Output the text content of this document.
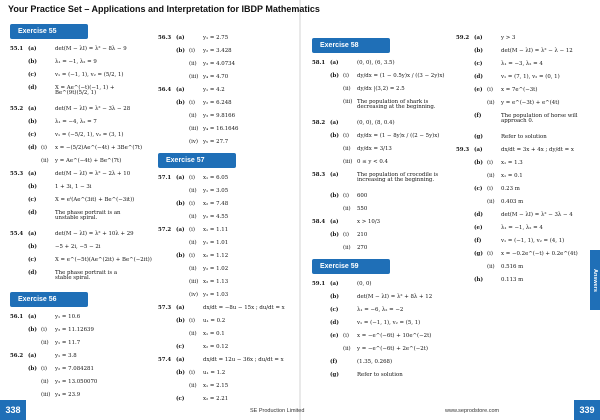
Your Practice Set – Applications and Interpretation for IBDP Mathematics
Exercise 55
55.1 (a)	det(M − λI) = λ² − 8λ − 9
(b)	λ₁ = −1, λ₂ = 9
(c)	v₁ = (−1, 1), v₂ = (5/2, 1)
(d)	X = Ae^(−t)(−1, 1) + Be^(9t)(5/2, 1)
55.2 (a)	det(M − λI) = λ² − 3λ − 28
(b)	λ₁ = −4, λ₂ = 7
(c)	v₁ = (−5/2, 1), v₂ = (3, 1)
(d) (i)	x = −(5/2)Ae^(−4t) + 3Be^(7t)
(ii)	y = Ae^(−4t) + Be^(7t)
55.3 (a)	det(M − λI) = λ² − 2λ + 10
(b)	1 + 3i, 1 − 3i
(c)	X = eᵗ(Ae^(3it) + Be^(−3it))
(d)	The phase portrait is an unstable spiral.
55.4 (a)	det(M − λI) = λ² + 10λ + 29
(b)	−5 + 2i, −5 − 2i
(c)	X = e^(−5t)(Ae^(2it) + Be^(−2it))
(d)	The phase portrait is a stable spiral.
Exercise 56
56.1 (a)	y₁ = 10.6
(b) (i)	y₃ = 11.12639
(ii)	y₁ = 11.7
56.2 (a)	y₁ = 3.8
(b) (i)	y₂ = 7.084281
(ii)	y₃ = 13.050070
(iii) y₄ = 23.9
56.3 (a)	y₁ = 2.75
(b) (i)	y₂ = 3.428
(ii)	y₃ = 4.0734
(iii) y₄ = 4.70
56.4 (a)	y₁ = 4.2
(b) (i)	y₂ = 6.248
(ii)	y₃ = 9.8166
(iii) y₄ = 16.1646
(iv) y₅ = 27.7
Exercise 57
57.1 (a) (i)	x₁ = 6.05
(ii)	y₁ = 3.05
(b) (i)	x₂ = 7.48
(ii)	y₂ = 4.55
57.2 (a) (i)	x₁ = 1.11
(ii)	y₁ = 1.01
(b) (i)	x₂ = 1.12
(ii)	y₂ = 1.02
(iii) x₃ = 1.13
(iv) y₃ = 1.03
57.3 (a)	dx/dt = −8u − 15x ; du/dt = x
(b) (i)	u₁ = 0.2
(ii)	x₁ = 0.1
(c)	x₂ = 0.12
57.4 (a)	dx/dt = 12u − 36x ; du/dt = x
(b) (i)	u₁ = 1.2
(ii)	x₁ = 2.15
(c)	x₂ = 2.21
Exercise 58
58.1 (a)	(0, 0), (6, 3.5)
(b) (i)	dy/dx = (1 − 0.5y)x / ((3 − 2y)x)
(ii)	dy/dx |(3,2) = 2.5
(iii) The population of shark is decreasing at the beginning.
58.2 (a)	(0, 0), (8, 0.4)
(b) (i)	dy/dx = (1 − 8y)x / ((2 − 5y)x)
(ii)	dy/dx = 3/13
(iii) 0 ≤ y < 0.4
58.3 (a)	The population of crocodile is increasing at the beginning.
(b) (i)	600
(ii)	550
58.4 (a)	x > 10/3
(b) (i)	210
(ii)	270
Exercise 59
59.1 (a)	(0, 0)
(b)	det(M − λI) = λ² + 8λ + 12
(c)	λ₁ = −6, λ₂ = −2
(d)	v₁ = (−1, 1), v₂ = (5, 1)
(e) (i)	x = −e^(−6t) + 10e^(−2t)
(ii)	y = −e^(−6t) + 2e^(−2t)
(f)	(1.35, 0.268)
(g)	Refer to solution
59.2 (a)	y > 3
(b)	det(M − λI) = λ² − λ − 12
(c)	λ₁ = −3, λ₂ = 4
(d)	v₁ = (7, 1), v₂ = (0, 1)
(e) (i)	x = 7e^(−3t)
(ii)	y = e^(−3t) + e^(4t)
(f)	The population of horse will approach 0.
(g)	Refer to solution
59.3 (a)	dx/dt = 3x + 4x ; dy/dt = x
(b) (i)	x₁ = 1.3
(ii)	x₁ = 0.1
(c) (i)	0.23 m
(ii)	0.403 m
(d)	det(M − λI) = λ² − 3λ − 4
(e)	λ₁ = −1, λ₂ = 4
(f)	v₁ = (−1, 1), v₂ = (4, 1)
(g) (i)	x = −0.2e^(−t) + 0.2e^(4t)
(ii)	0.516 m
(h)	0.113 m	Answers
338	SE Production Limited	www.seprodstore.com	339
